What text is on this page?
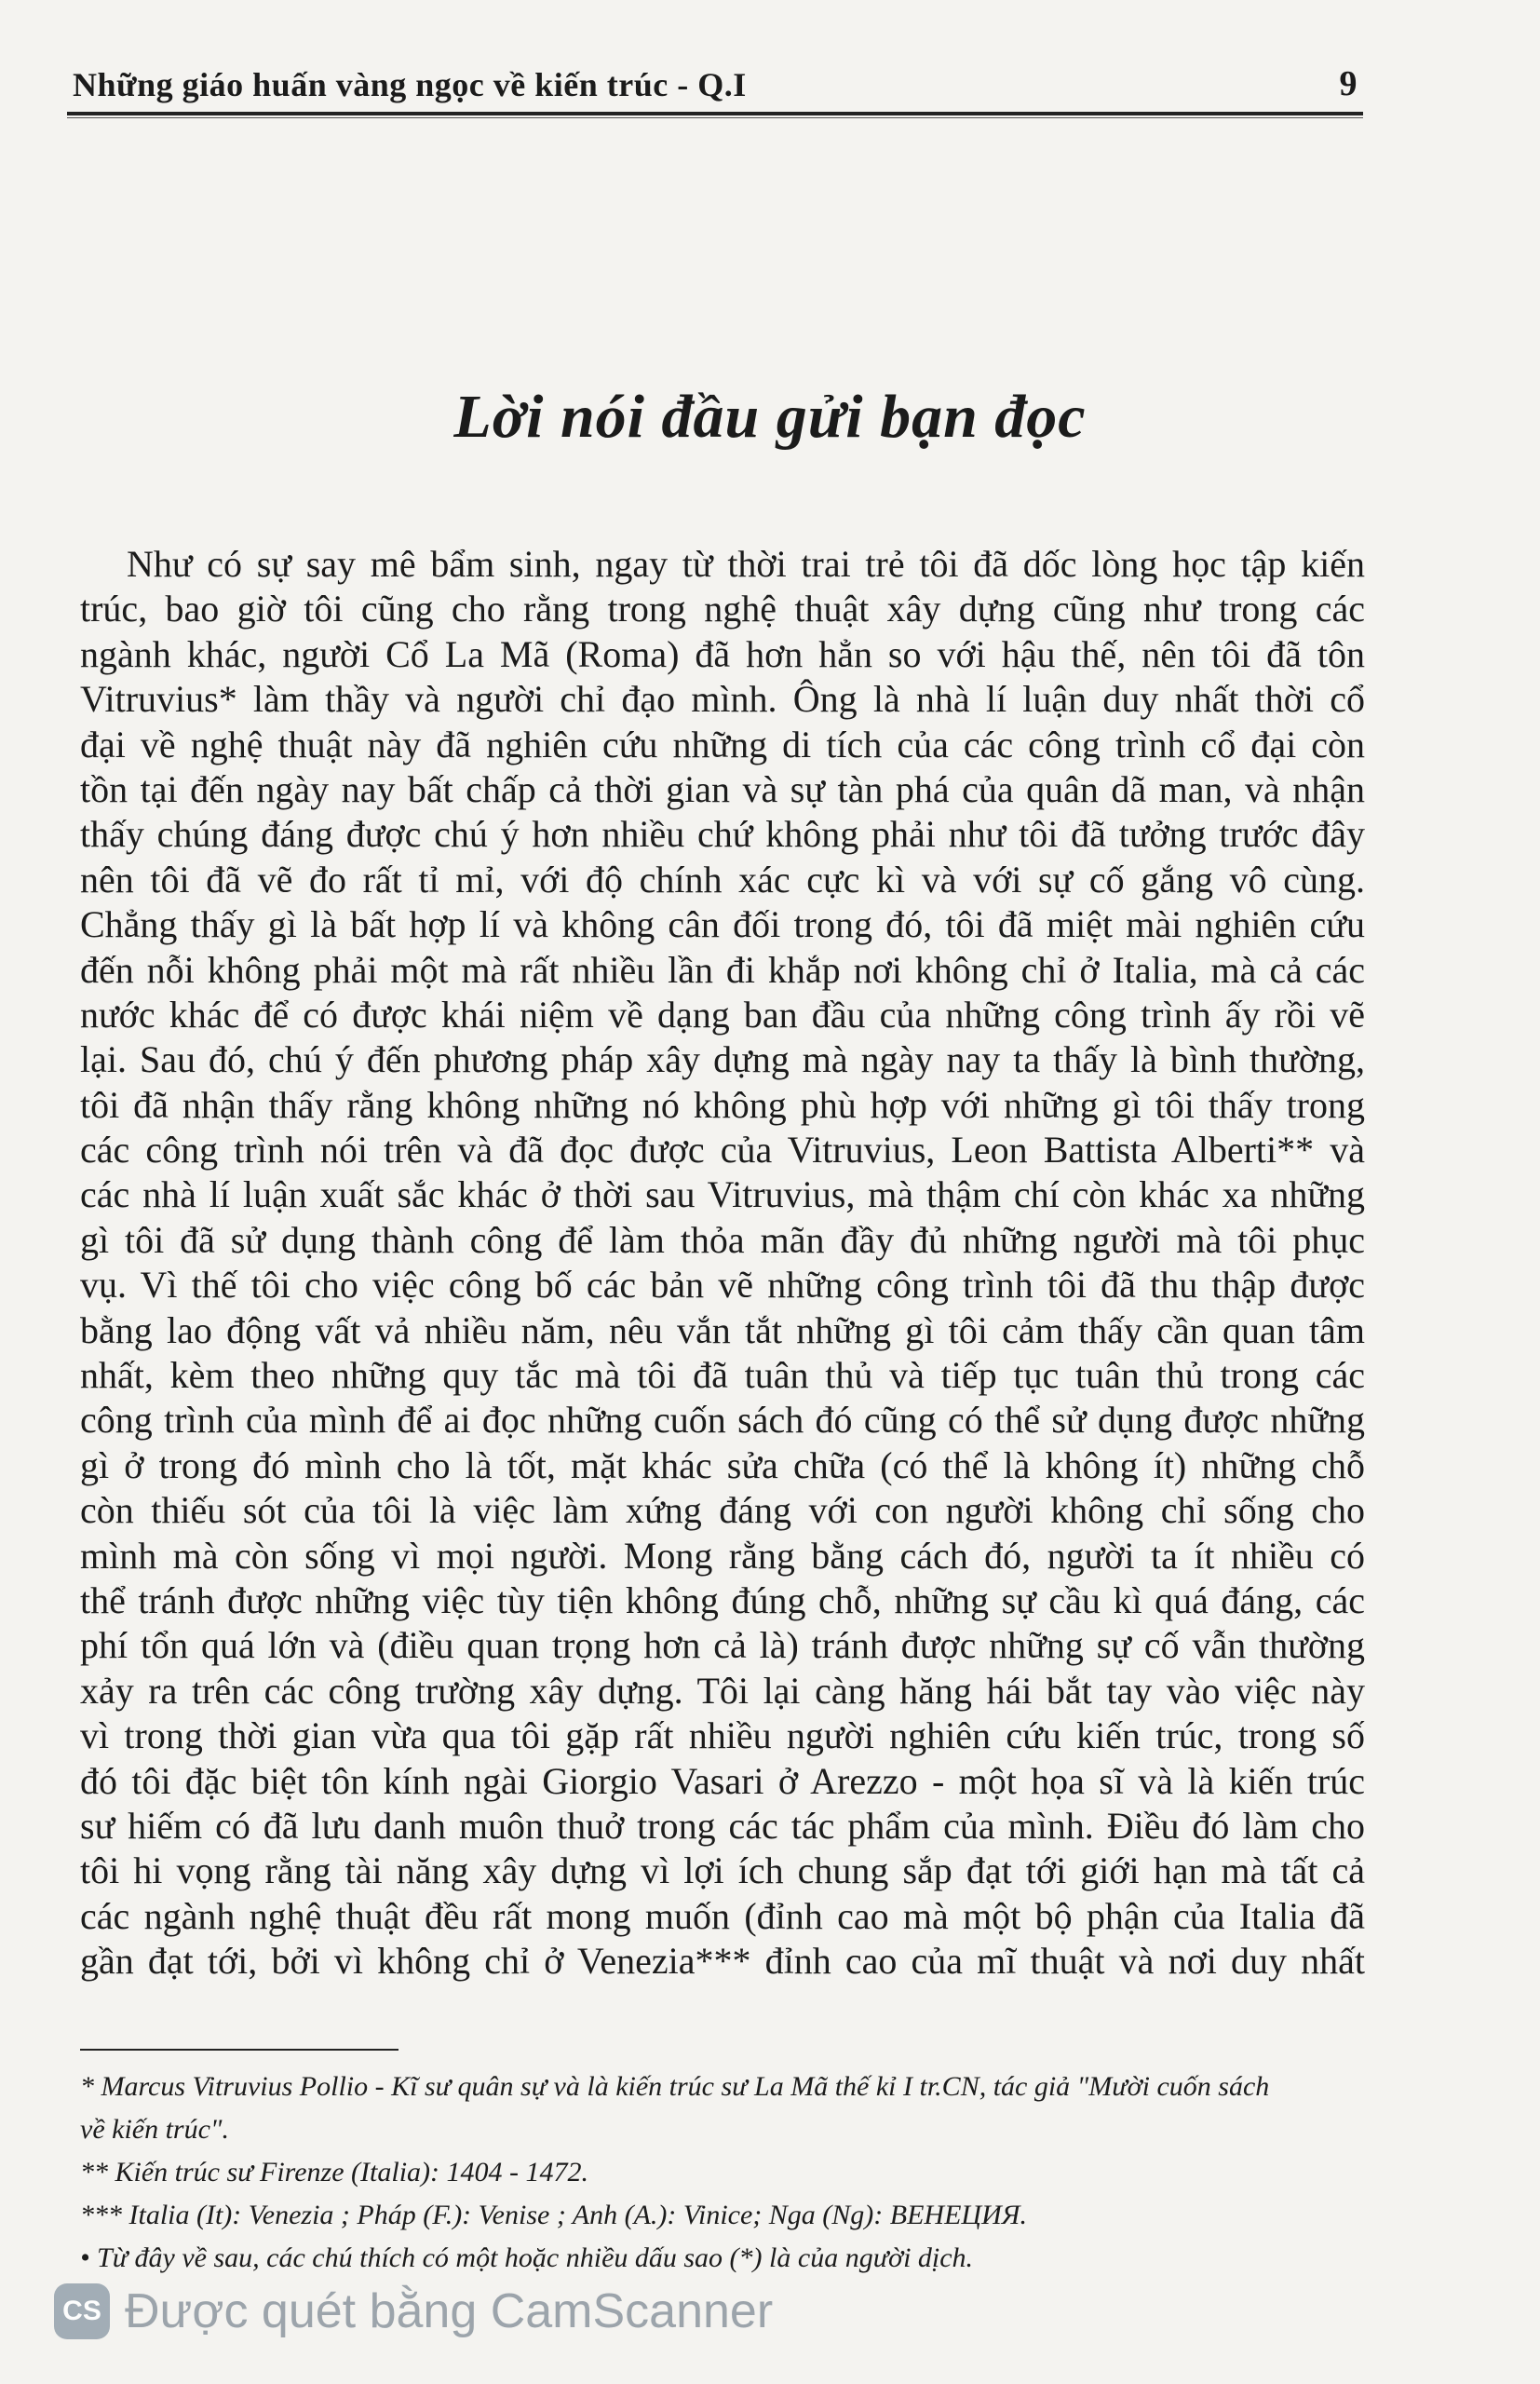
Những giáo huấn vàng ngọc về kiến trúc - Q.I	9
Lời nói đầu gửi bạn đọc
Như có sự say mê bẩm sinh, ngay từ thời trai trẻ tôi đã dốc lòng học tập kiến
trúc, bao giờ tôi cũng cho rằng trong nghệ thuật xây dựng cũng như trong các
ngành khác, người Cổ La Mã (Roma) đã hơn hẳn so với hậu thế, nên tôi đã tôn
Vitruvius* làm thầy và người chỉ đạo mình. Ông là nhà lí luận duy nhất thời cổ
đại về nghệ thuật này đã nghiên cứu những di tích của các công trình cổ đại còn
tồn tại đến ngày nay bất chấp cả thời gian và sự tàn phá của quân dã man, và nhận
thấy chúng đáng được chú ý hơn nhiều chứ không phải như tôi đã tưởng trước đây
nên tôi đã vẽ đo rất tỉ mỉ, với độ chính xác cực kì và với sự cố gắng vô cùng.
Chẳng thấy gì là bất hợp lí và không cân đối trong đó, tôi đã miệt mài nghiên cứu
đến nỗi không phải một mà rất nhiều lần đi khắp nơi không chỉ ở Italia, mà cả các
nước khác để có được khái niệm về dạng ban đầu của những công trình ấy rồi vẽ
lại. Sau đó, chú ý đến phương pháp xây dựng mà ngày nay ta thấy là bình thường,
tôi đã nhận thấy rằng không những nó không phù hợp với những gì tôi thấy trong
các công trình nói trên và đã đọc được của Vitruvius, Leon Battista Alberti** và
các nhà lí luận xuất sắc khác ở thời sau Vitruvius, mà thậm chí còn khác xa những
gì tôi đã sử dụng thành công để làm thỏa mãn đầy đủ những người mà tôi phục
vụ. Vì thế tôi cho việc công bố các bản vẽ những công trình tôi đã thu thập được
bằng lao động vất vả nhiều năm, nêu vắn tắt những gì tôi cảm thấy cần quan tâm
nhất, kèm theo những quy tắc mà tôi đã tuân thủ và tiếp tục tuân thủ trong các
công trình của mình để ai đọc những cuốn sách đó cũng có thể sử dụng được những
gì ở trong đó mình cho là tốt, mặt khác sửa chữa (có thể là không ít) những chỗ
còn thiếu sót của tôi là việc làm xứng đáng với con người không chỉ sống cho
mình mà còn sống vì mọi người. Mong rằng bằng cách đó, người ta ít nhiều có
thể tránh được những việc tùy tiện không đúng chỗ, những sự cầu kì quá đáng, các
phí tổn quá lớn và (điều quan trọng hơn cả là) tránh được những sự cố vẫn thường
xảy ra trên các công trường xây dựng. Tôi lại càng hăng hái bắt tay vào việc này
vì trong thời gian vừa qua tôi gặp rất nhiều người nghiên cứu kiến trúc, trong số
đó tôi đặc biệt tôn kính ngài Giorgio Vasari ở Arezzo - một họa sĩ và là kiến trúc
sư hiếm có đã lưu danh muôn thuở trong các tác phẩm của mình. Điều đó làm cho
tôi hi vọng rằng tài năng xây dựng vì lợi ích chung sắp đạt tới giới hạn mà tất cả
các ngành nghệ thuật đều rất mong muốn (đỉnh cao mà một bộ phận của Italia đã
gần đạt tới, bởi vì không chỉ ở Venezia*** đỉnh cao của mĩ thuật và nơi duy nhất
* Marcus Vitruvius Pollio - Kĩ sư quân sự và là kiến trúc sư La Mã thế kỉ I tr.CN, tác giả "Mười cuốn sách
về kiến trúc".
** Kiến trúc sư Firenze (Italia): 1404 - 1472.
*** Italia (It): Venezia ; Pháp (F.): Venise ; Anh (A.): Vinice; Nga (Ng): ВЕНЕЦИЯ.
• Từ đây về sau, các chú thích có một hoặc nhiều dấu sao (*) là của người dịch.
CS Được quét bằng CamScanner
